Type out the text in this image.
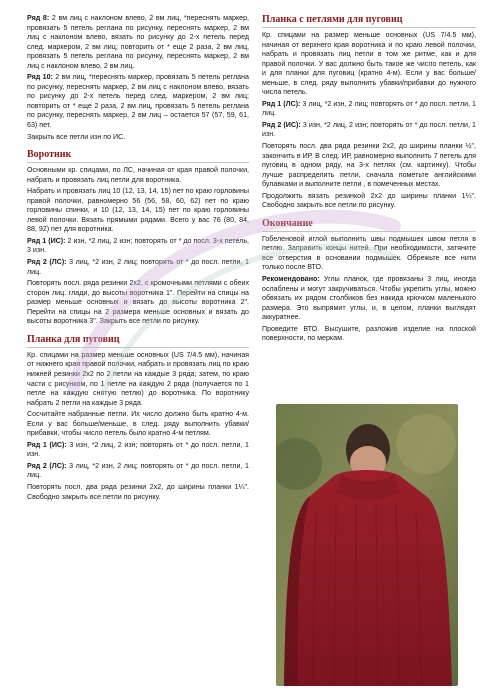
Ряд 8: 2 вм лиц с наклоном влево, 2 вм лиц, *переснять маркер, провязать 5 петель реглана по рисунку, переснять маркер, 2 вм лиц с наклоном влево, вязать по рисунку до 2-х петель перед след. маркером, 2 вм лиц; повторить от * еще 2 раза, 2 вм лиц, провязать 5 петель реглана по рисунку, переснять маркер, 2 вм лиц с наклоном влево, 2 вм лиц.

Ряд 10: 2 вм лиц, *переснять маркер, провязать 5 петель реглана по рисунку, переснять маркер, 2 вм лиц с наклоном влево, вязать по рисунку до 2-х петель перед след. маркером, 2 вм лиц; повторить от * еще 2 раза, 2 вм лиц, провязать 5 петель реглана по рисунку, переснять маркер, 2 вм лиц – остается 57 (57, 59, 61, 63) пет.

Закрыть все петли изн по ИС.

Воротник

Основными кр. спицами, по ЛС, начиная от края правой полочки, набрать и провязать лиц петли для воротника.

Набрать и провязать лиц 10 (12, 13, 14, 15) пет по краю горловины правой полочки, равномерно 56 (56, 58, 60, 62) пет по краю горловины спинки, и 10 (12, 13, 14, 15) пет по краю горловины левой полочки. Вязать прямыми рядами. Всего у вас 76 (80, 84, 88, 92) пет для воротника.

Ряд 1 (ИС): 2 изн, *2 лиц, 2 изн; повторять от * до посл. 3-х петель, 3 изн.

Ряд 2 (ЛС): 3 лиц, *2 изн, 2 лиц; повторять от * до посл. петли, 1 лиц.

Повторять посл. ряда резинки 2х2, с кромочными петлями с обеих сторон лиц. глади, до высоты воротника 1". Перейти на спицы на размер меньше основных и вязать до высоты воротника 2". Перейти на спицы на 2 размера меньше основных и вязать до высоты воротника 3". Закрыть все петли по рисунку.

Планка для пуговиц

Кр. спицами на размер меньше основных (US 7/4.5 мм), начиная от нижнего края правой полочки, набрать и провязать лиц по краю нижней резинки 2х2 по 2 петли на каждые 3 ряда; затем, по краю части с рисунком, по 1 петле на каждую 2 ряда (получается по 1 петле на каждую снятую петлю) до воротника. По воротнику набрать 2 петли на каждые 3 ряда.

Сосчитайте набранные петли. Их число должно быть кратно 4-м. Если у вас больше/меньше, в след. ряду выполнить убавки/прибавки, чтобы число петель было кратно 4-м петлям.

Ряд 1 (ИС): 3 изн, *2 лиц, 2 изн; повторять от * до посл. петли, 1 изн.

Ряд 2 (ЛС): 3 лиц, *2 изн, 2 лиц; повторять от * до посл. петли, 1 лиц.

Повторять посл. два ряда резинки 2х2, до ширины планки 1¼". Свободно закрыть все петли по рисунку.

Планка с петлями для пуговиц

Кр. спицами на размер меньше основных (US 7/4.5 мм), начиная от верхнего края воротника и по краю левой полочки, набрать и провязать лиц петли в том же ритме, как и для правой полочки. У вас должно быть такое же число петель, как и для планки для пуговиц (кратно 4-м). Если у вас больше/меньше, в след. ряду выполнить убавки/прибавки до нужного числа петель.

Ряд 1 (ЛС): 3 лиц, *2 изн, 2 лиц; повторять от * до посл. петли, 1 лиц.

Ряд 2 (ИС): 3 изн, *2 лиц, 2 изн; повторять от * до посл. петли, 1 изн.

Повторять посл. два ряда резинки 2х2, до ширины планки ½", закончить в ИР. В след. ИР, равномерно выполнить 7 петель для пуговиц в одном ряду, на 3-х петлях (см. картинку). Чтобы лучше распределить петли, сначала пометьте английскими булавками и выполните петли , в помеченных местах.

Продолжить вязать резинкой 2х2 до ширины планки 1¼". Свободно закрыть все петли по рисунку.

Окончание

Гобеленовой иглой выполнить швы подмышек швом петля в петлю. Заправить концы нитей. При необходимости, затяните все отверстия в основании подмышек. Обрежьте все нити только после ВТО.

Рекомендовано: Углы планок, где провязаны 3 лиц, иногда ослаблены и могут закручиваться. Чтобы укрепить углы, можно обвязать их рядом столбиков без накида крючком маленького размера. Это выпрямит углы, и, в целом, планки выглядят аккуратнее.

Проведите ВТО. Высушите, разложив изделие на плоской поверхности, по меркам.
